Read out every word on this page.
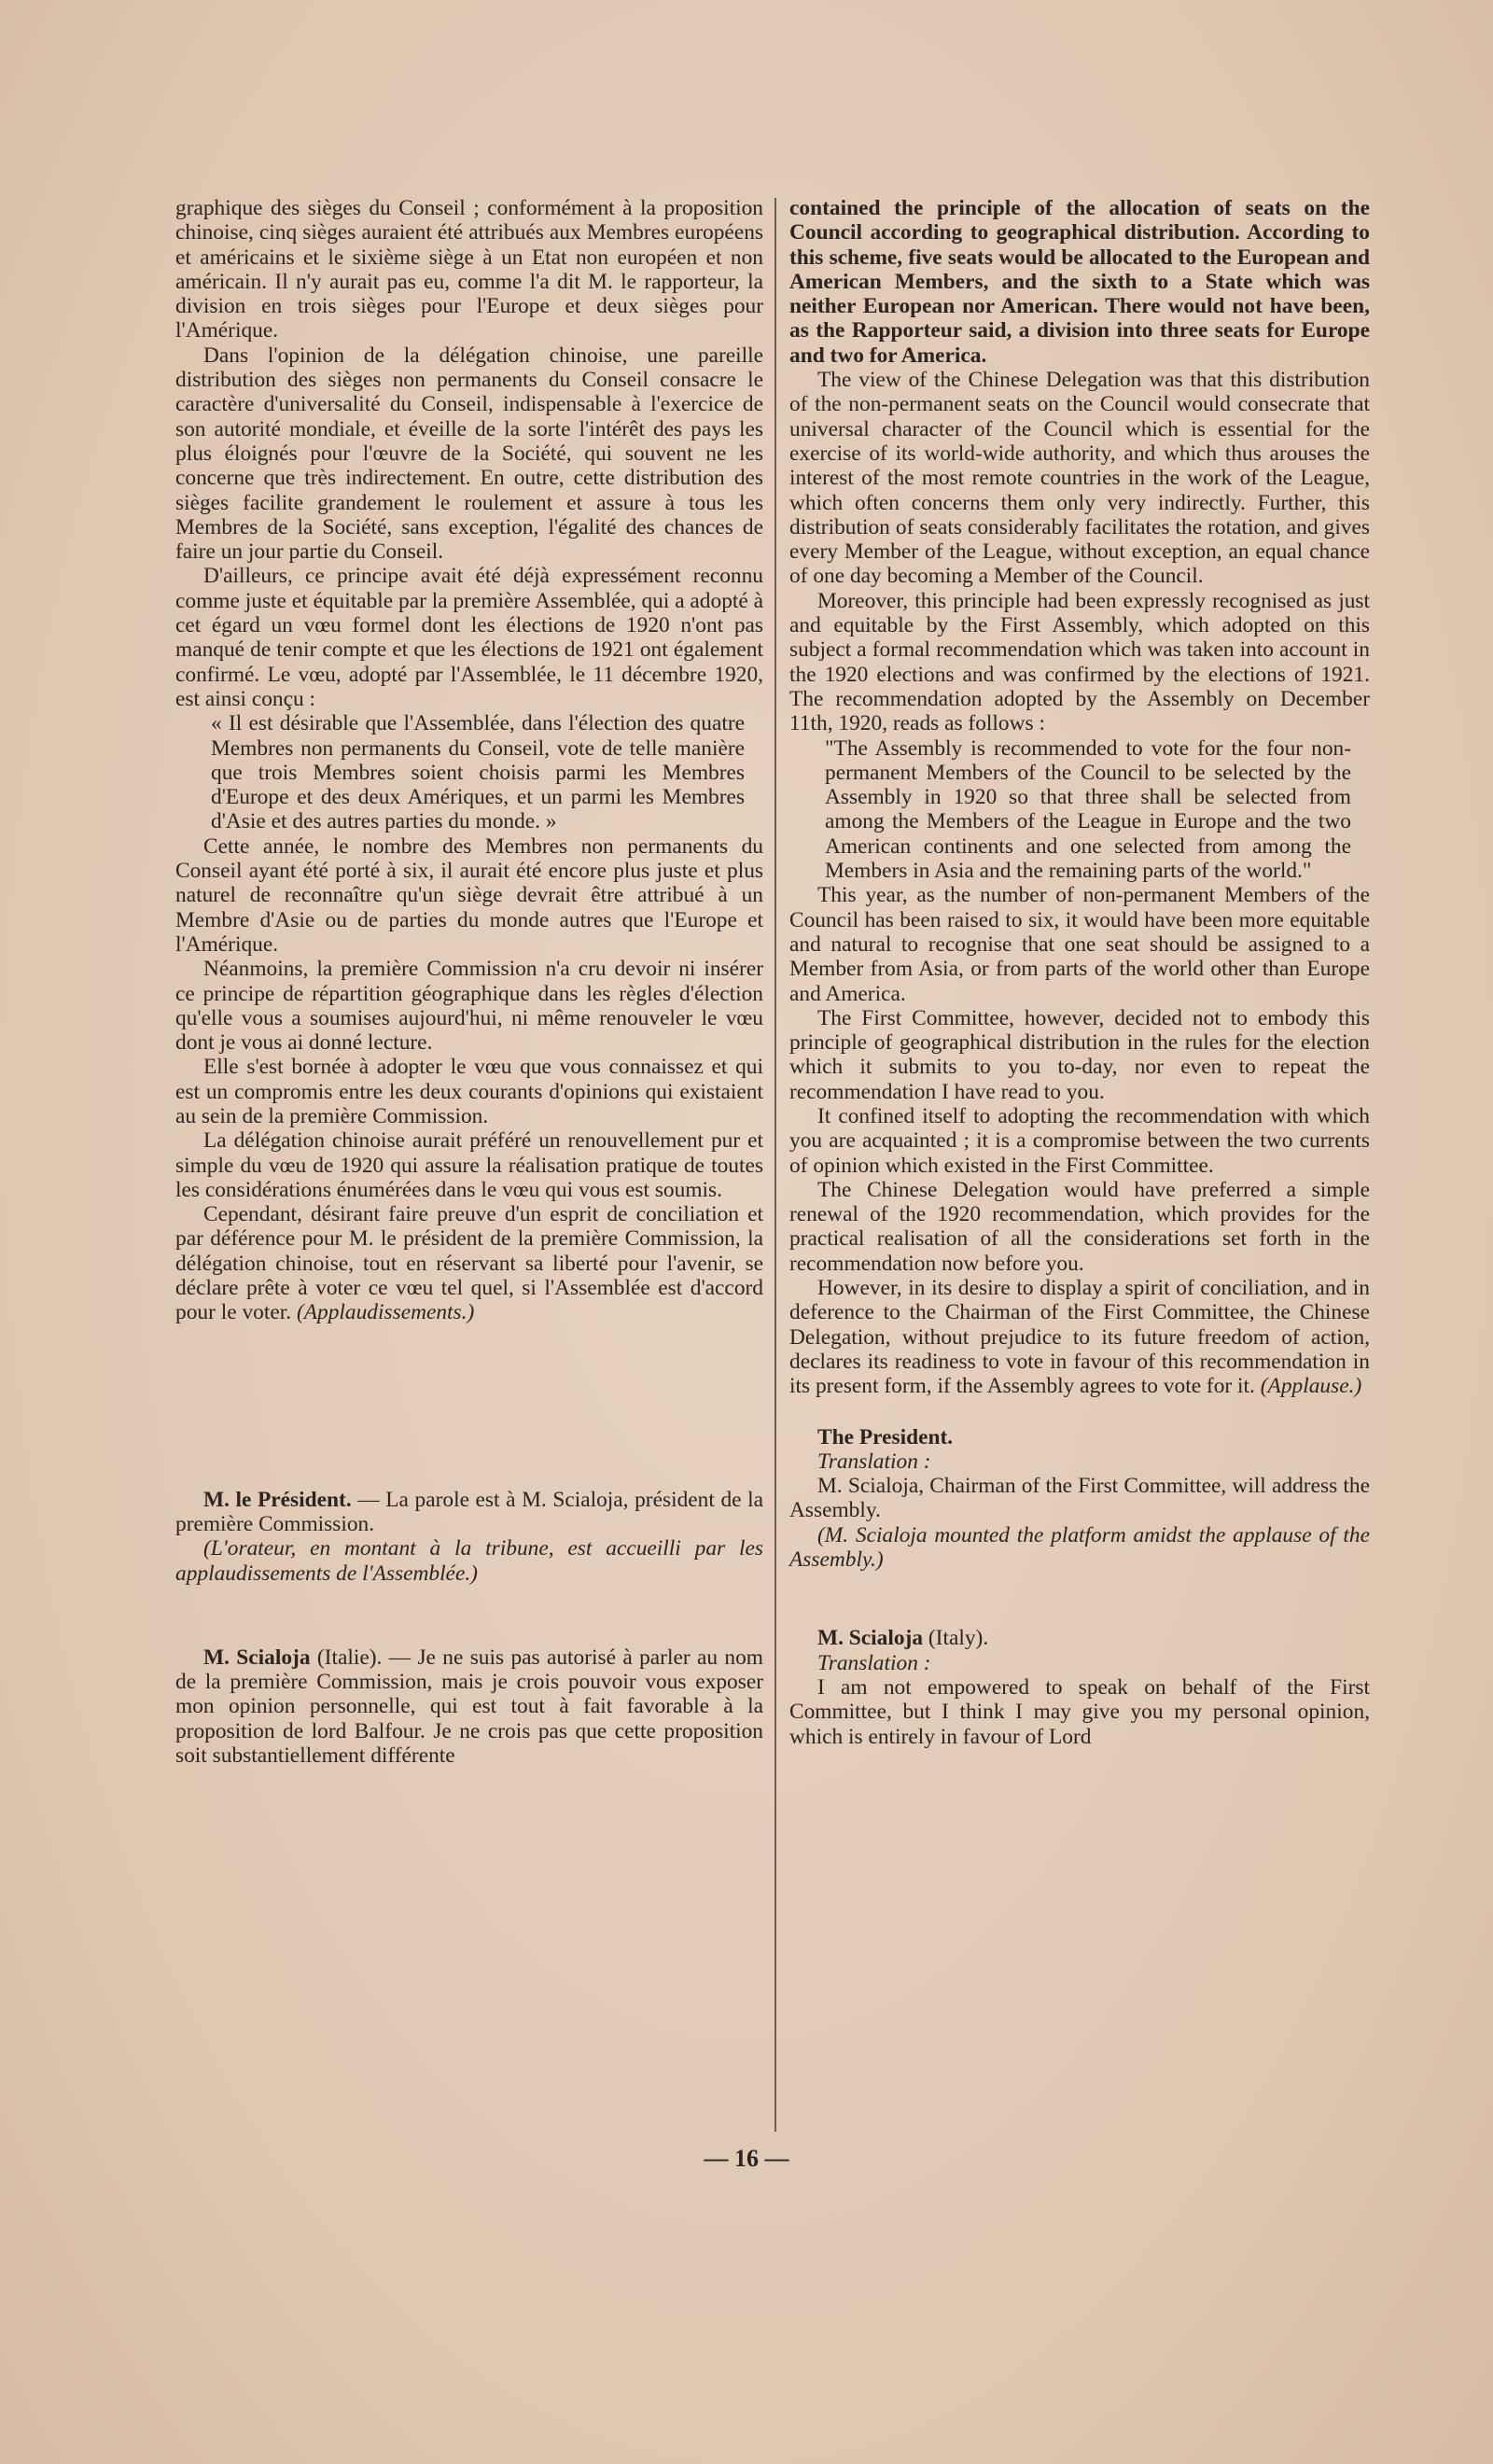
graphique des sièges du Conseil ; conformément à la proposition chinoise, cinq sièges auraient été attribués aux Membres européens et américains et le sixième siège à un Etat non européen et non américain. Il n'y aurait pas eu, comme l'a dit M. le rapporteur, la division en trois sièges pour l'Europe et deux sièges pour l'Amérique.

Dans l'opinion de la délégation chinoise, une pareille distribution des sièges non permanents du Conseil consacre le caractère d'universalité du Conseil, indispensable à l'exercice de son autorité mondiale, et éveille de la sorte l'intérêt des pays les plus éloignés pour l'œuvre de la Société, qui souvent ne les concerne que très indirectement. En outre, cette distribution des sièges facilite grandement le roulement et assure à tous les Membres de la Société, sans exception, l'égalité des chances de faire un jour partie du Conseil.

D'ailleurs, ce principe avait été déjà expressément reconnu comme juste et équitable par la première Assemblée, qui a adopté à cet égard un vœu formel dont les élections de 1920 n'ont pas manqué de tenir compte et que les élections de 1921 ont également confirmé. Le vœu, adopté par l'Assemblée, le 11 décembre 1920, est ainsi conçu :

« Il est désirable que l'Assemblée, dans l'élection des quatre Membres non permanents du Conseil, vote de telle manière que trois Membres soient choisis parmi les Membres d'Europe et des deux Amériques, et un parmi les Membres d'Asie et des autres parties du monde. »

Cette année, le nombre des Membres non permanents du Conseil ayant été porté à six, il aurait été encore plus juste et plus naturel de reconnaître qu'un siège devrait être attribué à un Membre d'Asie ou de parties du monde autres que l'Europe et l'Amérique.

Néanmoins, la première Commission n'a cru devoir ni insérer ce principe de répartition géographique dans les règles d'élection qu'elle vous a soumises aujourd'hui, ni même renouveler le vœu dont je vous ai donné lecture.

Elle s'est bornée à adopter le vœu que vous connaissez et qui est un compromis entre les deux courants d'opinions qui existaient au sein de la première Commission.

La délégation chinoise aurait préféré un renouvellement pur et simple du vœu de 1920 qui assure la réalisation pratique de toutes les considérations énumérées dans le vœu qui vous est soumis.

Cependant, désirant faire preuve d'un esprit de conciliation et par déférence pour M. le président de la première Commission, la délégation chinoise, tout en réservant sa liberté pour l'avenir, se déclare prête à voter ce vœu tel quel, si l'Assemblée est d'accord pour le voter. (Applaudissements.)

M. le Président. — La parole est à M. Scialoja, président de la première Commission.

(L'orateur, en montant à la tribune, est accueilli par les applaudissements de l'Assemblée.)

M. Scialoja (Italie). — Je ne suis pas autorisé à parler au nom de la première Commission, mais je crois pouvoir vous exposer mon opinion personnelle, qui est tout à fait favorable à la proposition de lord Balfour. Je ne crois pas que cette proposition soit substantiellement différente

contained the principle of the allocation of seats on the Council according to geographical distribution. According to this scheme, five seats would be allocated to the European and American Members, and the sixth to a State which was neither European nor American. There would not have been, as the Rapporteur said, a division into three seats for Europe and two for America.

The view of the Chinese Delegation was that this distribution of the non-permanent seats on the Council would consecrate that universal character of the Council which is essential for the exercise of its world-wide authority, and which thus arouses the interest of the most remote countries in the work of the League, which often concerns them only very indirectly. Further, this distribution of seats considerably facilitates the rotation, and gives every Member of the League, without exception, an equal chance of one day becoming a Member of the Council.

Moreover, this principle had been expressly recognised as just and equitable by the First Assembly, which adopted on this subject a formal recommendation which was taken into account in the 1920 elections and was confirmed by the elections of 1921. The recommendation adopted by the Assembly on December 11th, 1920, reads as follows :

"The Assembly is recommended to vote for the four non-permanent Members of the Council to be selected by the Assembly in 1920 so that three shall be selected from among the Members of the League in Europe and the two American continents and one selected from among the Members in Asia and the remaining parts of the world."

This year, as the number of non-permanent Members of the Council has been raised to six, it would have been more equitable and natural to recognise that one seat should be assigned to a Member from Asia, or from parts of the world other than Europe and America.

The First Committee, however, decided not to embody this principle of geographical distribution in the rules for the election which it submits to you to-day, nor even to repeat the recommendation I have read to you.

It confined itself to adopting the recommendation with which you are acquainted ; it is a compromise between the two currents of opinion which existed in the First Committee.

The Chinese Delegation would have preferred a simple renewal of the 1920 recommendation, which provides for the practical realisation of all the considerations set forth in the recommendation now before you.

However, in its desire to display a spirit of conciliation, and in deference to the Chairman of the First Committee, the Chinese Delegation, without prejudice to its future freedom of action, declares its readiness to vote in favour of this recommendation in its present form, if the Assembly agrees to vote for it. (Applause.)

The President.

Translation :

M. Scialoja, Chairman of the First Committee, will address the Assembly.

(M. Scialoja mounted the platform amidst the applause of the Assembly.)

M. Scialoja (Italy).

Translation :

I am not empowered to speak on behalf of the First Committee, but I think I may give you my personal opinion, which is entirely in favour of Lord

— 16 —
